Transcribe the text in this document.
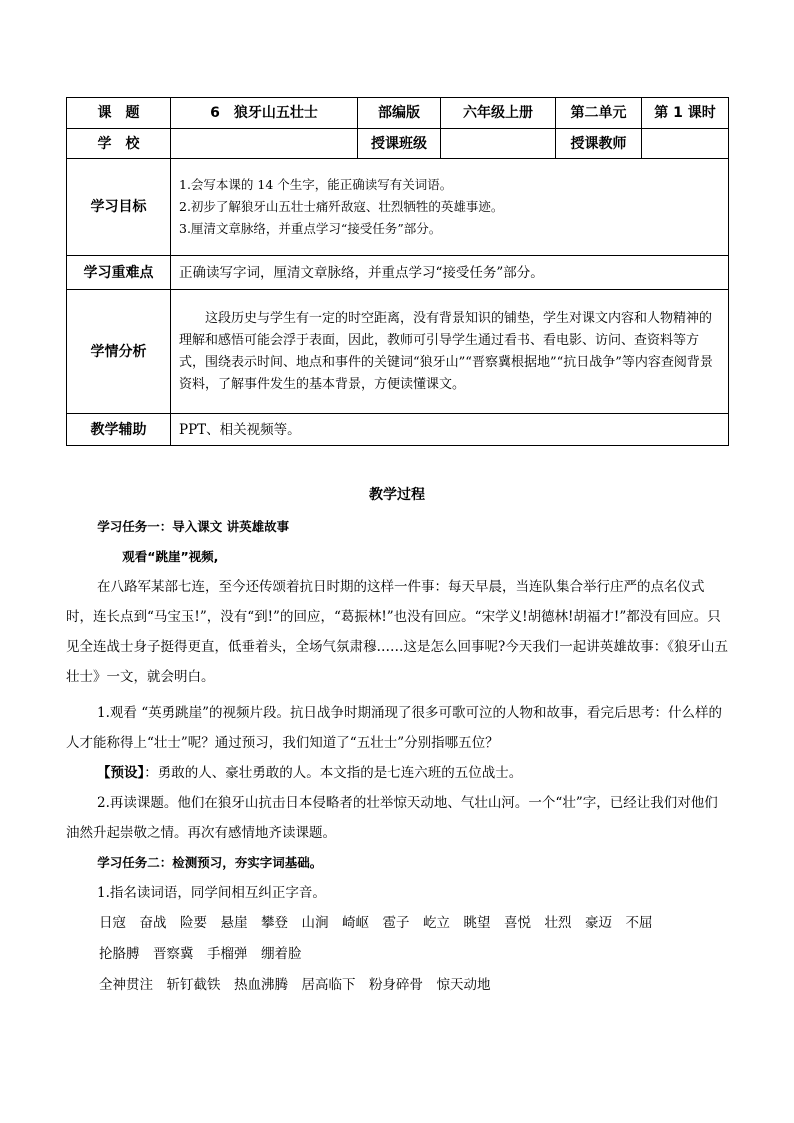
课　题	6　狼牙山五壮士	部编版	六年级上册	第二单元	第 1 课时
学　校		授课班级		授课教师	
学习目标	1.会写本课的 14 个生字，能正确读写有关词语。
2.初步了解狼牙山五壮士痛歼敌寇、壮烈牺牲的英雄事迹。
3.厘清文章脉络，并重点学习“接受任务”部分。				

学习重难点	正确读写字词，厘清文章脉络，并重点学习“接受任务”部分。				
学情分析	这段历史与学生有一定的时空距离，没有背景知识的铺垫，学生对课文内容和人物精神的理解和感悟可能会浮于表面，因此，教师可引导学生通过看书、看电影、访问、查资料等方式，围绕表示时间、地点和事件的关键词“狼牙山”“晋察冀根据地”“抗日战争”等内容查阅背景资料，了解事件发生的基本背景，方便读懂课文。				
教学辅助	PPT、相关视频等。				
教学过程
学习任务一：导入课文 讲英雄故事
观看“跳崖”视频,

在八路军某部七连，至今还传颂着抗日时期的这样一件事：每天早晨，当连队集合举行庄严的点名仪式时，连长点到“马宝玉!”，没有“到!”的回应，“葛振林!”也没有回应。“宋学义!胡德林!胡福才!”都没有回应。只见全连战士身子挺得更直，低垂着头，全场气氛肃穆……这是怎么回事呢?今天我们一起讲英雄故事：《狼牙山五壮士》一文，就会明白。

1.观看 “英勇跳崖”的视频片段。抗日战争时期涌现了很多可歌可泣的人物和故事，看完后思考：什么样的人才能称得上“壮士”呢？通过预习，我们知道了“五壮士”分别指哪五位？

【预设】：勇敢的人、豪壮勇敢的人。本文指的是七连六班的五位战士。

2.再读课题。他们在狼牙山抗击日本侵略者的壮举惊天动地、气壮山河。一个“壮”字，已经让我们对他们油然升起崇敬之情。再次有感情地齐读课题。

学习任务二：检测预习，夯实字词基础。

1.指名读词语，同学间相互纠正字音。

日寇　奋战　险要　悬崖　攀登　山涧　崎岖　雹子　屹立　眺望　喜悦　壮烈　豪迈　不屈
抡胳膊　晋察冀　手榴弹　绷着脸
全神贯注　斩钉截铁　热血沸腾　居高临下　粉身碎骨　惊天动地
